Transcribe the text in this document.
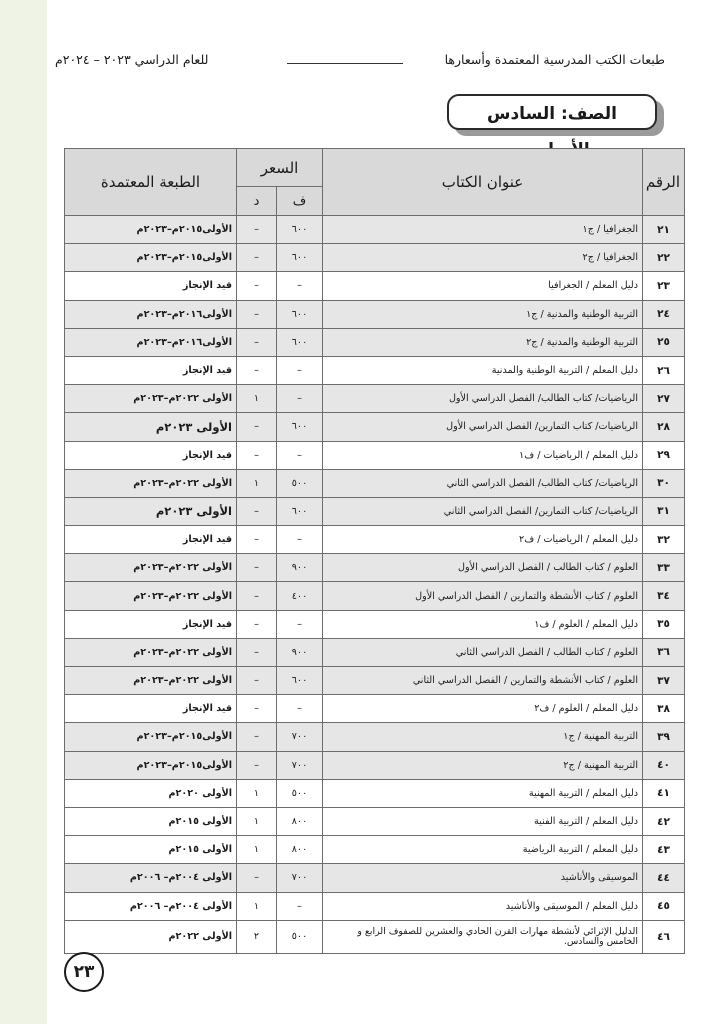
طبعات الكتب المدرسية المعتمدة وأسعارها
للعام الدراسي ٢٠٢٣ – ٢٠٢٤م
الصف: السادس
الرقم	عنوان الكتاب	السعر		الطبعة المعتمدة
		ف	د	
٢١	الجغرافيا / ج١	٦٠٠	–	الأولى٢٠١٥م–٢٠٢٣م
٢٢	الجغرافيا / ج٢	٦٠٠	–	الأولى٢٠١٥م–٢٠٢٣م
٢٣	دليل المعلم / الجغرافيا	–	–	قيد الإنجاز
٢٤	التربية الوطنية والمدنية / ج١	٦٠٠	–	الأولى٢٠١٦م–٢٠٢٣م
٢٥	التربية الوطنية والمدنية / ج٢	٦٠٠	–	الأولى٢٠١٦م–٢٠٢٣م
٢٦	دليل المعلم / التربية الوطنية والمدنية	–	–	قيد الإنجاز
٢٧	الرياضيات/ كتاب الطالب/ الفصل الدراسي الأول	–	١	الأولى ٢٠٢٢م–٢٠٢٣م
٢٨	الرياضيات/ كتاب التمارين/ الفصل الدراسي الأول	٦٠٠	–	الأولى ٢٠٢٣م
٢٩	دليل المعلم / الرياضيات / ف١	–	–	قيد الإنجاز
٣٠	الرياضيات/ كتاب الطالب/ الفصل الدراسي الثاني	٥٠٠	١	الأولى ٢٠٢٢م–٢٠٢٣م
٣١	الرياضيات/ كتاب التمارين/ الفصل الدراسي الثاني	٦٠٠	–	الأولى ٢٠٢٣م
٣٢	دليل المعلم / الرياضيات / ف٢	–	–	قيد الإنجاز
٣٣	العلوم / كتاب الطالب / الفصل الدراسي الأول	٩٠٠	–	الأولى ٢٠٢٢م–٢٠٢٣م
٣٤	العلوم / كتاب الأنشطة والتمارين / الفصل الدراسي الأول	٤٠٠	–	الأولى ٢٠٢٢م–٢٠٢٣م
٣٥	دليل المعلم / العلوم / ف١	–	–	قيد الإنجاز
٣٦	العلوم / كتاب الطالب / الفصل الدراسي الثاني	٩٠٠	–	الأولى ٢٠٢٢م–٢٠٢٣م
٣٧	العلوم / كتاب الأنشطة والتمارين / الفصل الدراسي الثاني	٦٠٠	–	الأولى ٢٠٢٢م–٢٠٢٣م
٣٨	دليل المعلم / العلوم / ف٢	–	–	قيد الإنجاز
٣٩	التربية المهنية / ج١	٧٠٠	–	الأولى٢٠١٥م–٢٠٢٣م
٤٠	التربية المهنية / ج٢	٧٠٠	–	الأولى٢٠١٥م–٢٠٢٣م
٤١	دليل المعلم / التربية المهنية	٥٠٠	١	الأولى ٢٠٢٠م
٤٢	دليل المعلم / التربية الفنية	٨٠٠	١	الأولى ٢٠١٥م
٤٣	دليل المعلم / التربية الرياضية	٨٠٠	١	الأولى ٢٠١٥م
٤٤	الموسيقى والأناشيد	٧٠٠	–	الأولى ٢٠٠٤م– ٢٠٠٦م
٤٥	دليل المعلم / الموسيقى والأناشيد	–	١	الأولى ٢٠٠٤م– ٢٠٠٦م
٤٦	الدليل الإثرائي لأنشطة مهارات القرن الحادي والعشرين للصفوف الرابع و الخامس والسادس.	٥٠٠	٢	الأولى ٢٠٢٢م
٢٣
